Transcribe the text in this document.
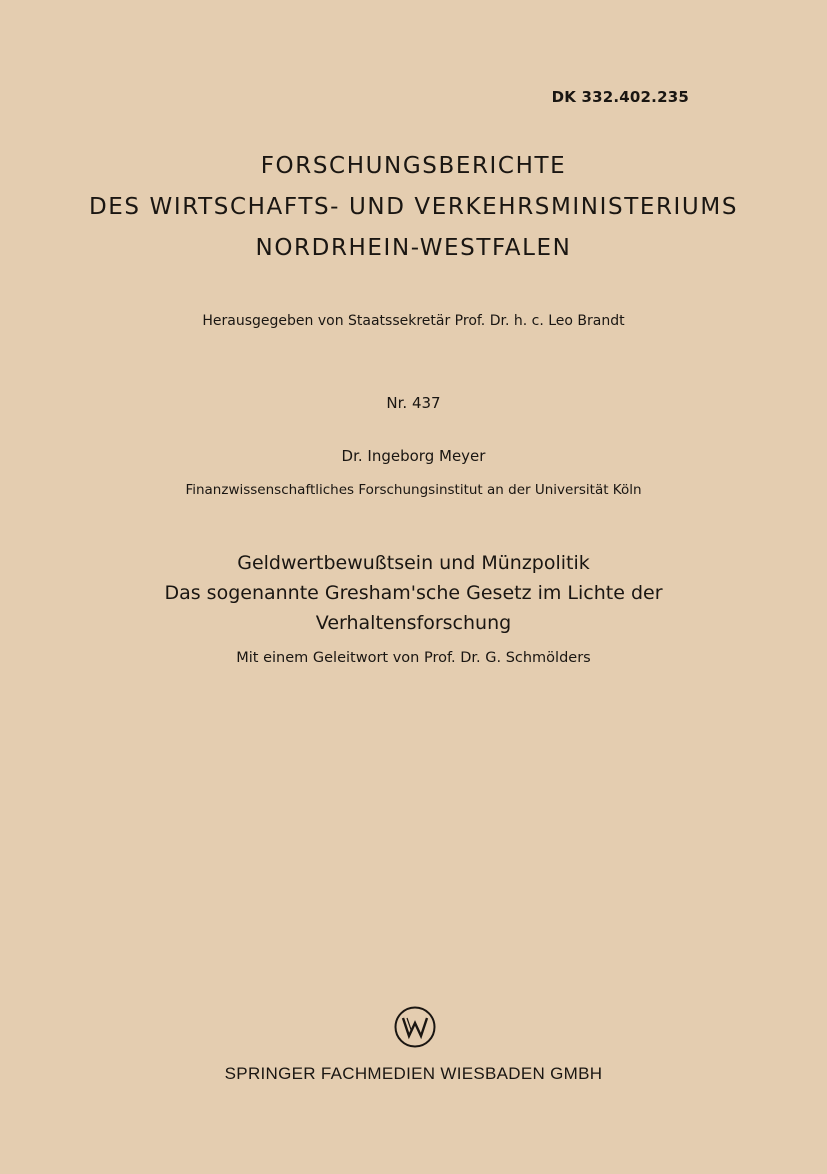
DK 332.402.235
FORSCHUNGSBERICHTE
DES WIRTSCHAFTS- UND VERKEHRSMINISTERIUMS
NORDRHEIN-WESTFALEN
Herausgegeben von Staatssekretär Prof. Dr. h. c. Leo Brandt
Nr. 437
Dr. Ingeborg Meyer
Finanzwissenschaftliches Forschungsinstitut an der Universität Köln
Geldwertbewußtsein und Münzpolitik
Das sogenannte Gresham'sche Gesetz im Lichte der
Verhaltensforschung
Mit einem Geleitwort von Prof. Dr. G. Schmölders
SPRINGER FACHMEDIEN WIESBADEN GMBH
